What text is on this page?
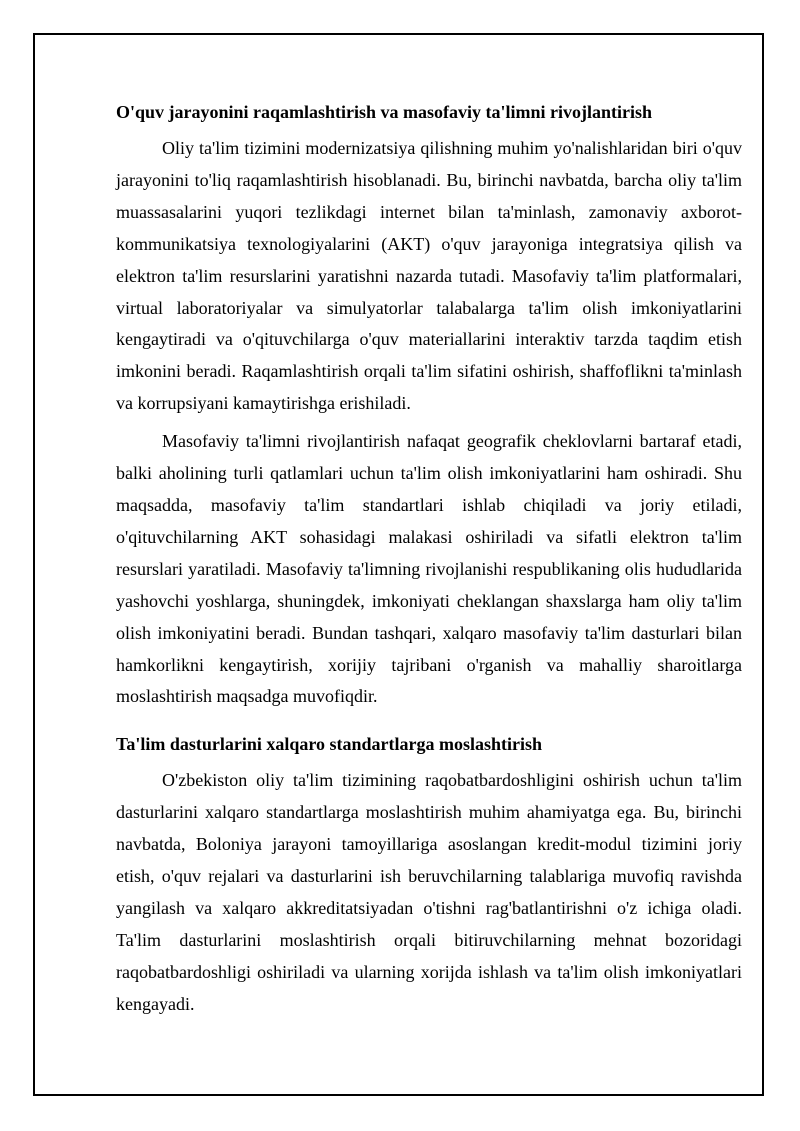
O'quv jarayonini raqamlashtirish va masofaviy ta'limni rivojlantirish

Oliy ta'lim tizimini modernizatsiya qilishning muhim yo'nalishlaridan biri o'quv jarayonini to'liq raqamlashtirish hisoblanadi. Bu, birinchi navbatda, barcha oliy ta'lim muassasalarini yuqori tezlikdagi internet bilan ta'minlash, zamonaviy axborot-kommunikatsiya texnologiyalarini (AKT) o'quv jarayoniga integratsiya qilish va elektron ta'lim resurslarini yaratishni nazarda tutadi. Masofaviy ta'lim platformalari, virtual laboratoriyalar va simulyatorlar talabalarga ta'lim olish imkoniyatlarini kengaytiradi va o'qituvchilarga o'quv materiallarini interaktiv tarzda taqdim etish imkonini beradi. Raqamlashtirish orqali ta'lim sifatini oshirish, shaffoflikni ta'minlash va korrupsiyani kamaytirishga erishiladi.

Masofaviy ta'limni rivojlantirish nafaqat geografik cheklovlarni bartaraf etadi, balki aholining turli qatlamlari uchun ta'lim olish imkoniyatlarini ham oshiradi. Shu maqsadda, masofaviy ta'lim standartlari ishlab chiqiladi va joriy etiladi, o'qituvchilarning AKT sohasidagi malakasi oshiriladi va sifatli elektron ta'lim resurslari yaratiladi. Masofaviy ta'limning rivojlanishi respublikaning olis hududlarida yashovchi yoshlarga, shuningdek, imkoniyati cheklangan shaxslarga ham oliy ta'lim olish imkoniyatini beradi. Bundan tashqari, xalqaro masofaviy ta'lim dasturlari bilan hamkorlikni kengaytirish, xorijiy tajribani o'rganish va mahalliy sharoitlarga moslashtirish maqsadga muvofiqdir.

Ta'lim dasturlarini xalqaro standartlarga moslashtirish

O'zbekiston oliy ta'lim tizimining raqobatbardoshligini oshirish uchun ta'lim dasturlarini xalqaro standartlarga moslashtirish muhim ahamiyatga ega. Bu, birinchi navbatda, Boloniya jarayoni tamoyillariga asoslangan kredit-modul tizimini joriy etish, o'quv rejalari va dasturlarini ish beruvchilarning talablariga muvofiq ravishda yangilash va xalqaro akkreditatsiyadan o'tishni rag'batlantirishni o'z ichiga oladi. Ta'lim dasturlarini moslashtirish orqali bitiruvchilarning mehnat bozoridagi raqobatbardoshligi oshiriladi va ularning xorijda ishlash va ta'lim olish imkoniyatlari kengayadi.
